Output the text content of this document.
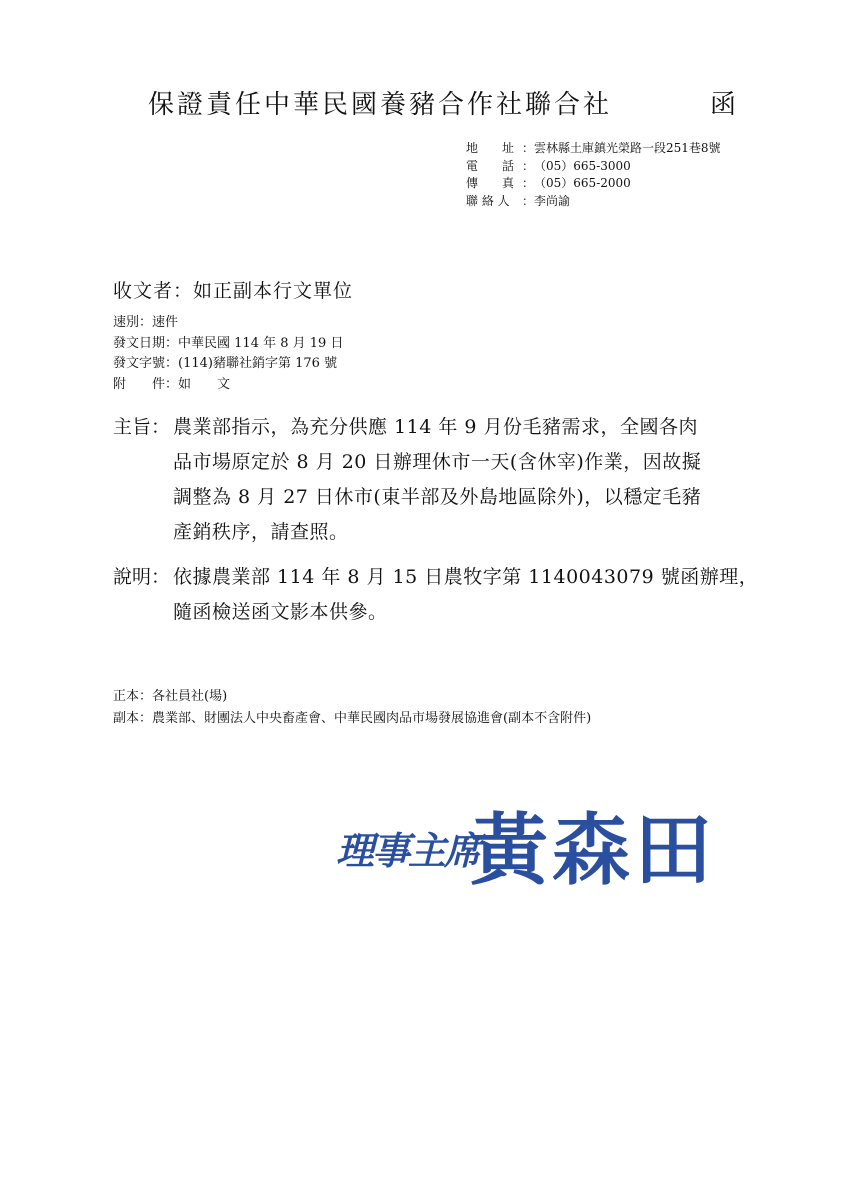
保證責任中華民國養豬合作社聯合社	函
地　　址 ： 雲林縣土庫鎮光榮路一段251巷8號
電　　話 ： （05）665-3000
傳　　真 ： （05）665-2000
聯 絡 人	： 李尚諭
收文者：如正副本行文單位
速別 ： 速件
發文日期 ： 中華民國 114 年 8 月 19 日
發文字號 ： (114)豬聯社銷字第 176 號
附　　件 ： 如　　文
主旨： 農業部指示，為充分供應 114 年 9 月份毛豬需求，全國各肉
品市場原定於 8 月 20 日辦理休市一天(含休宰)作業，因故擬
調整為 8 月 27 日休市(東半部及外島地區除外)，以穩定毛豬
產銷秩序，請查照。
說明： 依據農業部 114 年 8 月 15 日農牧字第 1140043079 號函辦理，
隨函檢送函文影本供參。
正本：各社員社(場)
副本：農業部、財團法人中央畜產會、中華民國肉品市場發展協進會(副本不含附件)
理事主席
黃森田
